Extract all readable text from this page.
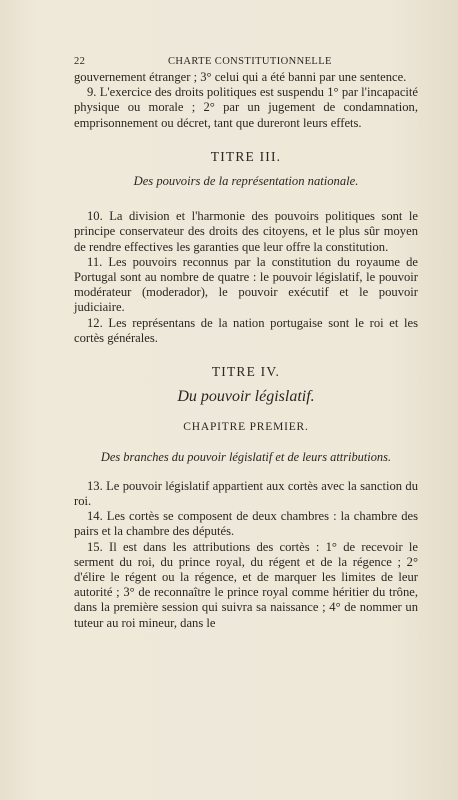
22	CHARTE CONSTITUTIONNELLE

gouvernement étranger ; 3° celui qui a été banni par une sentence.

9. L'exercice des droits politiques est suspendu 1° par l'incapacité physique ou morale ; 2° par un jugement de condamnation, emprisonnement ou décret, tant que dureront leurs effets.

TITRE III.
Des pouvoirs de la représentation nationale.

10. La division et l'harmonie des pouvoirs politiques sont le principe conservateur des droits des citoyens, et le plus sûr moyen de rendre effectives les garanties que leur offre la constitution.

11. Les pouvoirs reconnus par la constitution du royaume de Portugal sont au nombre de quatre : le pouvoir législatif, le pouvoir modérateur (moderador), le pouvoir exécutif et le pouvoir judiciaire.

12. Les représentans de la nation portugaise sont le roi et les cortès générales.

TITRE IV.
Du pouvoir législatif.
CHAPITRE PREMIER.
Des branches du pouvoir législatif et de leurs attributions.

13. Le pouvoir législatif appartient aux cortès avec la sanction du roi.

14. Les cortès se composent de deux chambres : la chambre des pairs et la chambre des députés.

15. Il est dans les attributions des cortès : 1° de recevoir le serment du roi, du prince royal, du régent et de la régence ; 2° d'élire le régent ou la régence, et de marquer les limites de leur autorité ; 3° de reconnaître le prince royal comme héritier du trône, dans la première session qui suivra sa naissance ; 4° de nommer un tuteur au roi mineur, dans le
